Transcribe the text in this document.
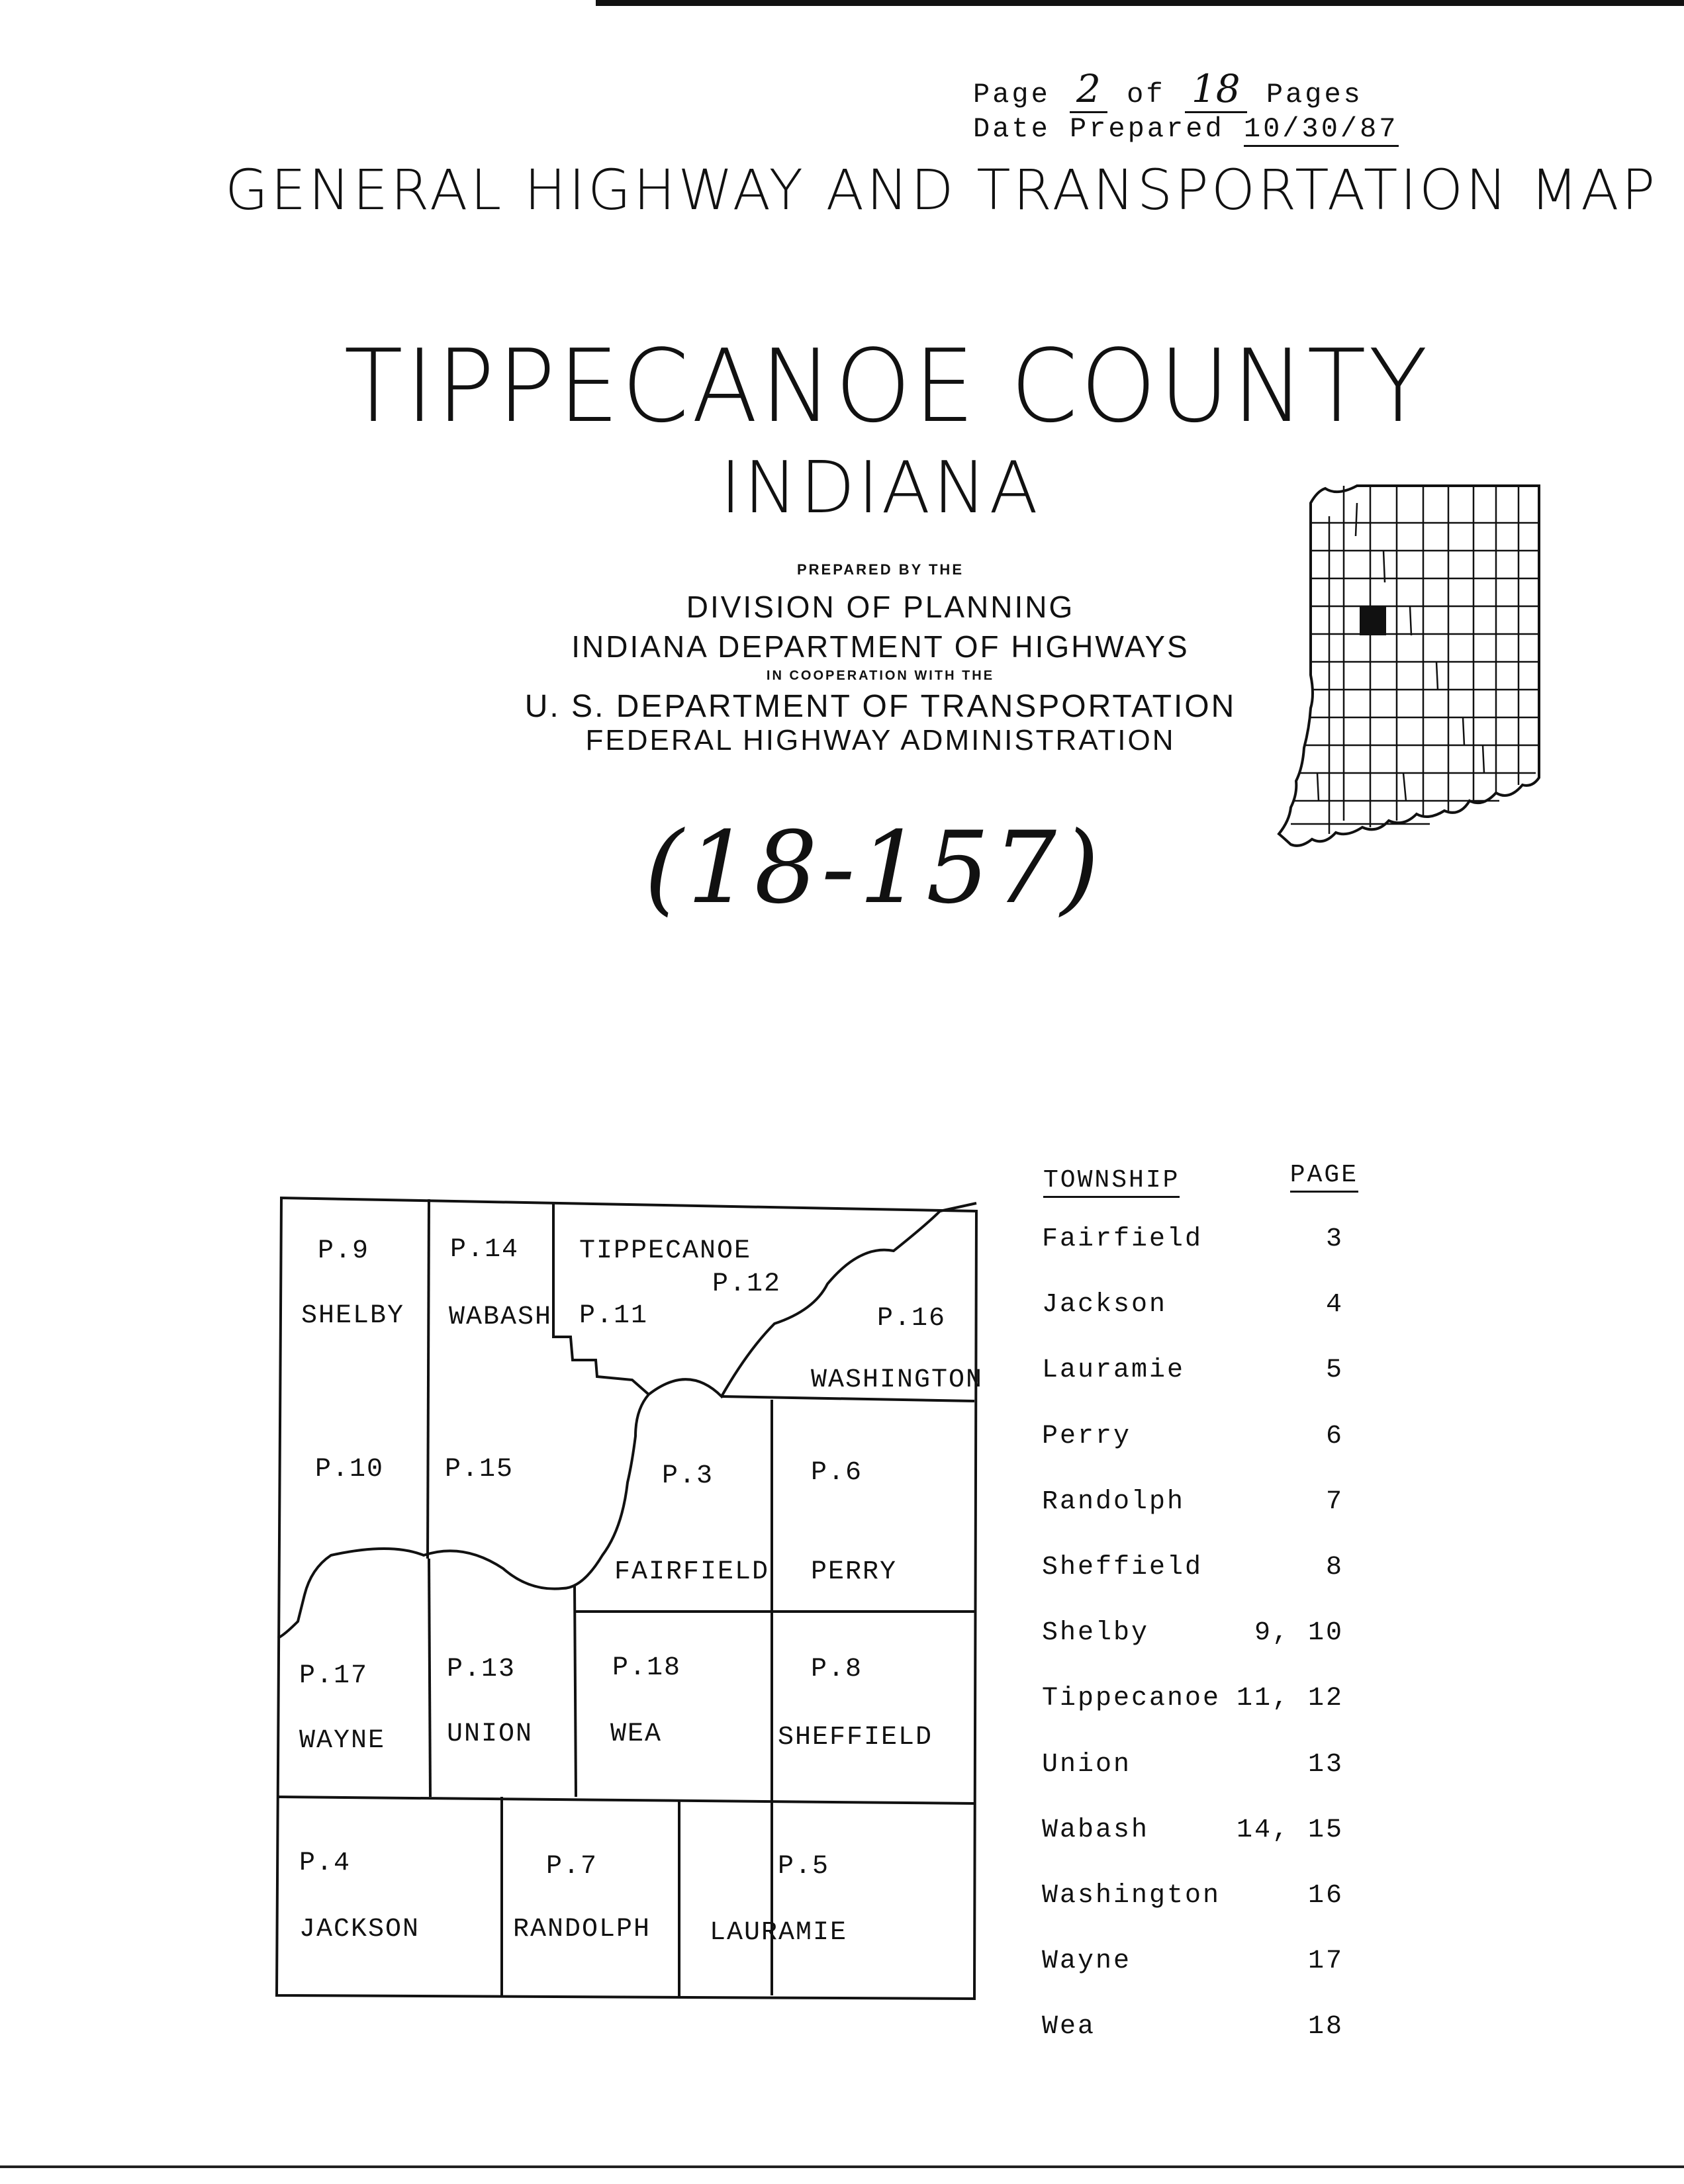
Page 2 of 18 Pages
Date Prepared 10/30/87
GENERAL HIGHWAY AND TRANSPORTATION MAP
TIPPECANOE COUNTY
INDIANA
PREPARED BY THE
DIVISION OF PLANNING
INDIANA DEPARTMENT OF HIGHWAYS
IN COOPERATION WITH THE
U. S. DEPARTMENT OF TRANSPORTATION
FEDERAL HIGHWAY ADMINISTRATION
(18-157)
P.9
SHELBY
P.14
WABASH
TIPPECANOE
P.12
P.11	P.16
WASHINGTON
P.10 P.15	P.3
FAIRFIELD
P.6
PERRY
P.17
WAYNE
P.13
UNION
P.18
WEA
P.8
SHEFFIELD
P.4
JACKSON
P.7
RANDOLPH
P.5
LAURAMIE
TOWNSHIP	PAGE
Fairfield	3
Jackson	4
Lauramie	5
Perry	6
Randolph	7
Sheffield	8
Shelby	9, 10
Tippecanoe 11, 12
Union	13
Wabash	14, 15
Washington	16
Wayne	17
Wea	18
